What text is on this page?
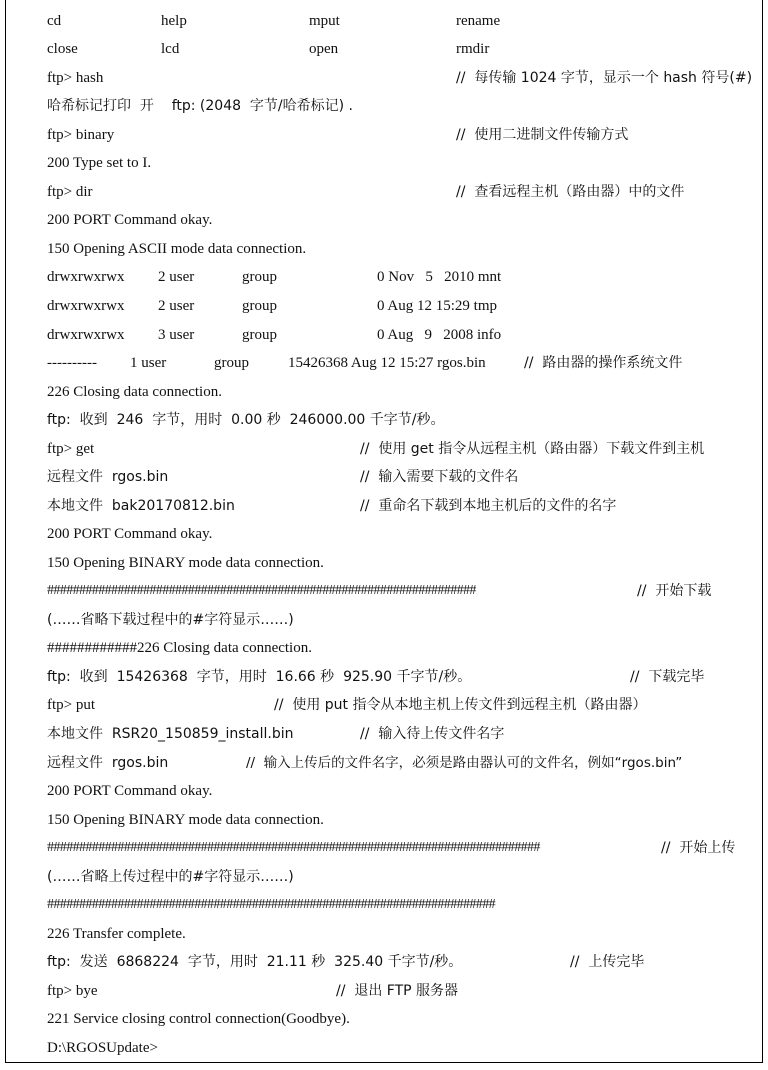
cd	help	mput	rename
close	lcd	open	rmdir
ftp> hash	//  每传输 1024 字节，显示一个 hash 符号(#)
哈希标记打印  开    ftp: (2048  字节/哈希标记) .
ftp> binary	//  使用二进制文件传输方式
200 Type set to I.
ftp> dir	//  查看远程主机（路由器）中的文件
200 PORT Command okay.
150 Opening ASCII mode data connection.
drwxrwxrwx 2 user	group	0 Nov   5   2010 mnt
drwxrwxrwx 2 user	group	0 Aug 12 15:29 tmp
drwxrwxrwx 3 user	group	0 Aug   9   2008 info
---------- 1 user	group	15426368 Aug 12 15:27 rgos.bin	//  路由器的操作系统文件
226 Closing data connection.
ftp:  收到  246  字节，用时  0.00 秒  246000.00 千字节/秒。
ftp> get	//  使用 get 指令从远程主机（路由器）下载文件到主机
远程文件  rgos.bin	//  输入需要下载的文件名
本地文件  bak20170812.bin	//  重命名下载到本地主机后的文件的名字
200 PORT Command okay.
150 Opening BINARY mode data connection.
###################################################################	//  开始下载
(……省略下载过程中的#字符显示……)
############226 Closing data connection.
ftp:  收到  15426368  字节，用时  16.66 秒  925.90 千字节/秒。	//  下载完毕
ftp> put	//  使用 put 指令从本地主机上传文件到远程主机（路由器）
本地文件  RSR20_150859_install.bin	//  输入待上传文件名字
远程文件  rgos.bin	//  输入上传后的文件名字，必须是路由器认可的文件名，例如“rgos.bin”
200 PORT Command okay.
150 Opening BINARY mode data connection.
#############################################################################	//  开始上传
(……省略上传过程中的#字符显示……)
######################################################################
226 Transfer complete.
ftp:  发送  6868224  字节，用时  21.11 秒  325.40 千字节/秒。	//  上传完毕
ftp> bye	//  退出 FTP 服务器
221 Service closing control connection(Goodbye).
D:\RGOSUpdate>
